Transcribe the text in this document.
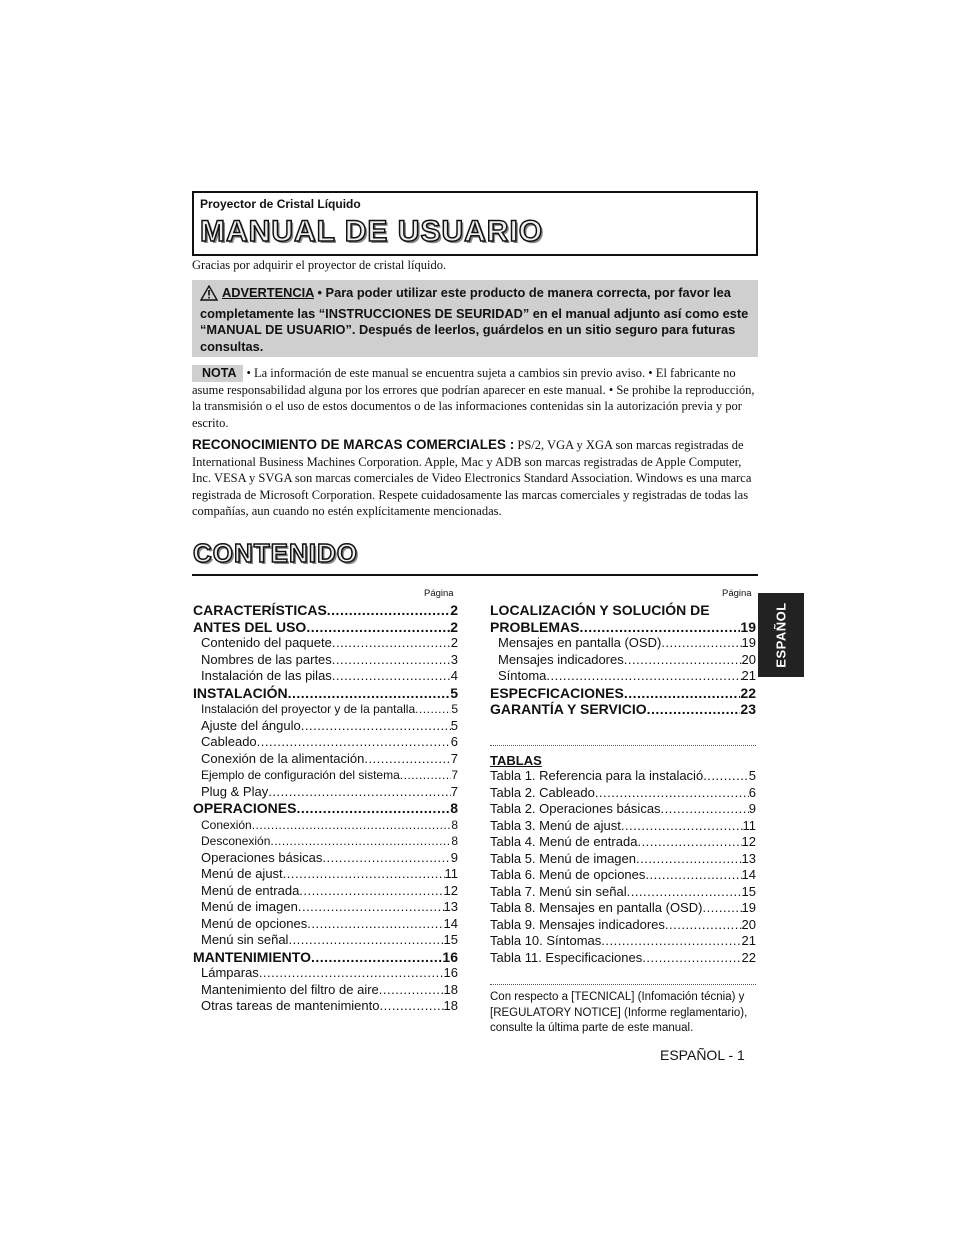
Proyector de Cristal Líquido
MANUAL DE USUARIO
Gracias por adquirir el proyector de cristal líquido.
ADVERTENCIA • Para poder utilizar este producto de manera correcta, por favor lea completamente las “INSTRUCCIONES DE SEURIDAD” en el manual adjunto así como este “MANUAL DE USUARIO”. Después de leerlos, guárdelos en un sitio seguro para futuras consultas.
NOTA • La información de este manual se encuentra sujeta a cambios sin previo aviso. • El fabricante no asume responsabilidad alguna por los errores que podrían aparecer en este manual. • Se prohibe la reproducción, la transmisión o el uso de estos documentos o de las informaciones contenidas sin la autorización previa y por escrito.
RECONOCIMIENTO DE MARCAS COMERCIALES : PS/2, VGA y XGA son marcas registradas de International Business Machines Corporation. Apple, Mac y ADB son marcas registradas de Apple Computer, Inc. VESA y SVGA son marcas comerciales de Video Electronics Standard Association. Windows es una marca registrada de Microsoft Corporation. Respete cuidadosamente las marcas comerciales y registradas de todas las compañías, aun cuando no estén explícitamente mencionadas.
CONTENIDO
Página	Página
CARACTERÍSTICAS .....	2
ANTES DEL USO .....	2
Contenido del paquete .....	2
Nombres de las partes .....	3
Instalación de las pilas .....	4
INSTALACIÓN .....	5
Instalación del proyector y de la pantalla .....	5
Ajuste del ángulo .....	5
Cableado .....	6
Conexión de la alimentación .....	7
Ejemplo de configuración del sistema .....	7
Plug & Play .....	7
OPERACIONES .....	8
Conexión .....	8
Desconexión .....	8
Operaciones básicas .....	9
Menú de ajust .....	11
Menú de entrada .....	12
Menú de imagen .....	13
Menú de opciones .....	14
Menú sin señal .....	15
MANTENIMIENTO .....	16
Lámparas .....	16
Mantenimiento del filtro de aire .....	18
Otras tareas de mantenimiento .....	18
LOCALIZACIÓN Y SOLUCIÓN DE
PROBLEMAS .....	19
Mensajes en pantalla (OSD) .....	19
Mensajes indicadores .....	20
Síntoma .....	21
ESPECFICACIONES .....	22
GARANTÍA Y SERVICIO .....	23
TABLAS
Tabla 1. Referencia para la instalació .....	5
Tabla 2. Cableado .....	6
Tabla 2. Operaciones básicas .....	9
Tabla 3. Menú de ajust .....	11
Tabla 4. Menú de entrada .....	12
Tabla 5. Menú de imagen .....	13
Tabla 6. Menú de opciones .....	14
Tabla 7. Menú sin señal .....	15
Tabla 8. Mensajes en pantalla (OSD) .....	19
Tabla 9. Mensajes indicadores .....	20
Tabla 10. Síntomas .....	21
Tabla 11. Especificaciones .....	22
Con respecto a [TECNICAL] (Infomación técnia) y [REGULATORY NOTICE] (Informe reglamentario), consulte la última parte de este manual.
ESPAÑOL - 1
ESPAÑOL
